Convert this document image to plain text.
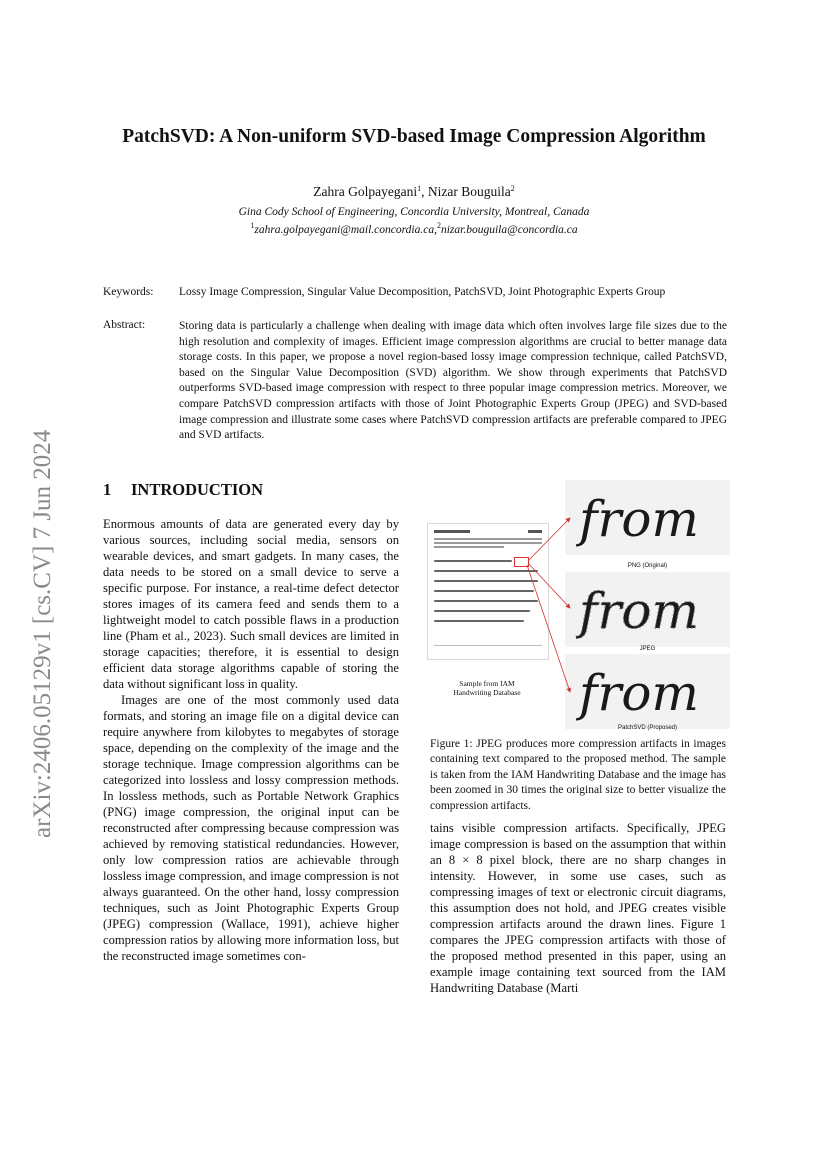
arXiv:2406.05129v1 [cs.CV] 7 Jun 2024
PatchSVD: A Non-uniform SVD-based Image Compression Algorithm
Zahra Golpayegani$^1$, Nizar Bouguila$^2$
Gina Cody School of Engineering, Concordia University, Montreal, Canada
$^1$zahra.golpayegani@mail.concordia.ca,$^2$nizar.bouguila@concordia.ca
Keywords: Lossy Image Compression, Singular Value Decomposition, PatchSVD, Joint Photographic Experts Group
Abstract:	Storing data is particularly a challenge when dealing with image data which often involves large file sizes due to the high resolution and complexity of images. Efficient image compression algorithms are crucial to better manage data storage costs. In this paper, we propose a novel region-based lossy image compression technique, called PatchSVD, based on the Singular Value Decomposition (SVD) algorithm. We show through experiments that PatchSVD outperforms SVD-based image compression with respect to three popular image compression metrics. Moreover, we compare PatchSVD compression artifacts with those of Joint Photographic Experts Group (JPEG) and SVD-based image compression and illustrate some cases where PatchSVD compression artifacts are preferable compared to JPEG and SVD artifacts.
1 INTRODUCTION

Enormous amounts of data are generated every day by various sources, including social media, sensors on wearable devices, and smart gadgets. In many cases, the data needs to be stored on a small device to serve a specific purpose. For instance, a real-time defect detector stores images of its camera feed and sends them to a lightweight model to catch possible flaws in a production line (Pham et al., 2023). Such small devices are limited in storage capacities; therefore, it is essential to design efficient data storage algorithms capable of storing the data without significant loss in quality.

Images are one of the most commonly used data formats, and storing an image file on a digital device can require anywhere from kilobytes to megabytes of storage space, depending on the complexity of the image and the storage technique. Image compression algorithms can be categorized into lossless and lossy compression methods. In lossless methods, such as Portable Network Graphics (PNG) image compression, the original input can be reconstructed after compressing because compression was achieved by removing statistical redundancies. However, only low compression ratios are achievable through lossless image compression, and image compression is not always guaranteed. On the other hand, lossy compression techniques, such as Joint Photographic Experts Group (JPEG) compression (Wallace, 1991), achieve higher compression ratios by allowing more information loss, but the reconstructed image sometimes con-

Sample from IAM
Handwriting Database
from
PNG (Original)
from
JPEG
from
PatchSVD (Proposed)
Figure 1: JPEG produces more compression artifacts in images containing text compared to the proposed method. The sample is taken from the IAM Handwriting Database and the image has been zoomed in 30 times the original size to better visualize the compression artifacts.

tains visible compression artifacts. Specifically, JPEG image compression is based on the assumption that within an 8 × 8 pixel block, there are no sharp changes in intensity. However, in some use cases, such as compressing images of text or electronic circuit diagrams, this assumption does not hold, and JPEG creates visible compression artifacts around the drawn lines. Figure 1 compares the JPEG compression artifacts with those of the proposed method presented in this paper, using an example image containing text sourced from the IAM Handwriting Database (Marti
